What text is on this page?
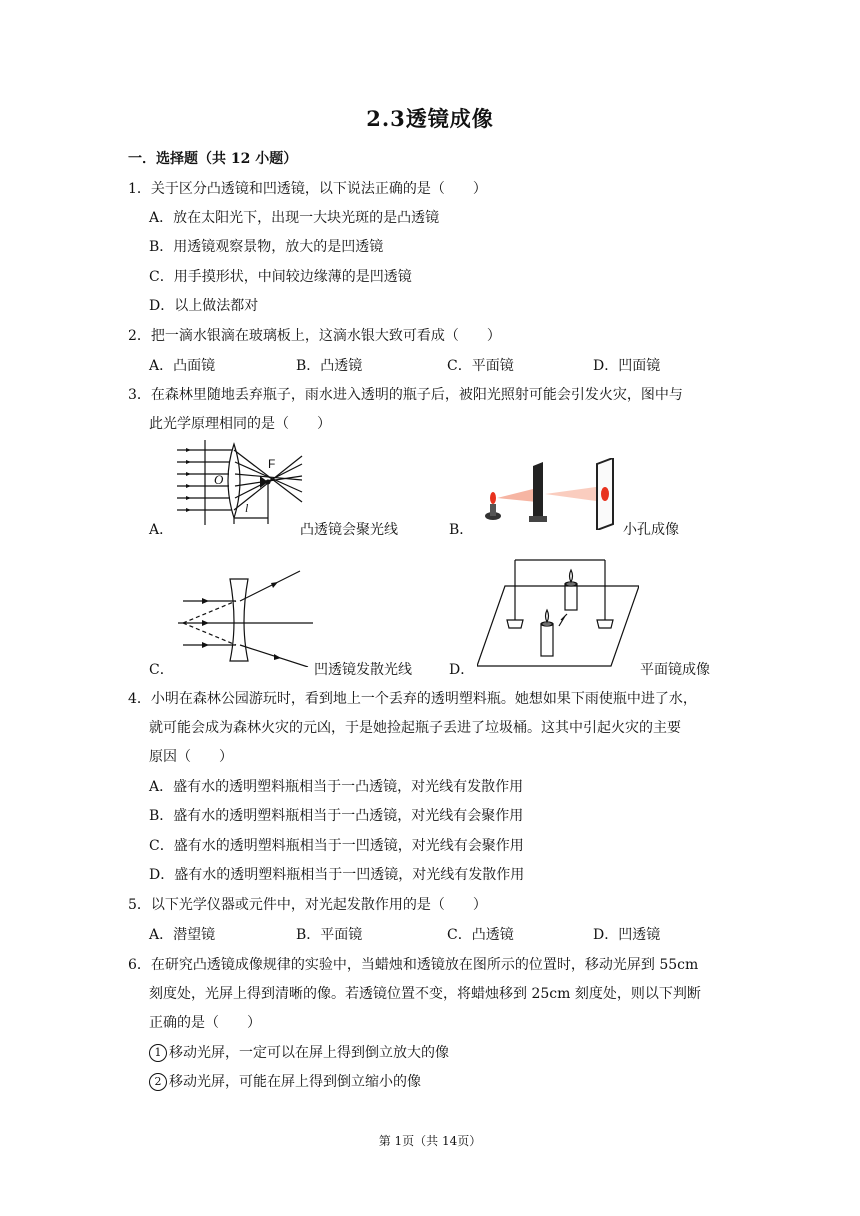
2.3透镜成像
一．选择题（共 12 小题）
1．关于区分凸透镜和凹透镜，以下说法正确的是（　　）
A．放在太阳光下，出现一大块光斑的是凸透镜
B．用透镜观察景物，放大的是凹透镜
C．用手摸形状，中间较边缘薄的是凹透镜
D．以上做法都对
2．把一滴水银滴在玻璃板上，这滴水银大致可看成（　　）
A．凸面镜	B．凸透镜	C．平面镜	D．凹面镜
3．在森林里随地丢弃瓶子，雨水进入透明的瓶子后，被阳光照射可能会引发火灾，图中与
此光学原理相同的是（　　）
O
F
l
A．	凸透镜会聚光线	B．	小孔成像
C．	凹透镜发散光线	D．	平面镜成像
4．小明在森林公园游玩时，看到地上一个丢弃的透明塑料瓶。她想如果下雨使瓶中进了水，
就可能会成为森林火灾的元凶，于是她捡起瓶子丢进了垃圾桶。这其中引起火灾的主要
原因（　　）
A．盛有水的透明塑料瓶相当于一凸透镜，对光线有发散作用
B．盛有水的透明塑料瓶相当于一凸透镜，对光线有会聚作用
C．盛有水的透明塑料瓶相当于一凹透镜，对光线有会聚作用
D．盛有水的透明塑料瓶相当于一凹透镜，对光线有发散作用
5．以下光学仪器或元件中，对光起发散作用的是（　　）
A．潜望镜	B．平面镜	C．凸透镜	D．凹透镜
6．在研究凸透镜成像规律的实验中，当蜡烛和透镜放在图所示的位置时，移动光屏到 55cm
刻度处，光屏上得到清晰的像。若透镜位置不变，将蜡烛移到 25cm 刻度处，则以下判断
正确的是（　　）
1 移动光屏，一定可以在屏上得到倒立放大的像
2 移动光屏，可能在屏上得到倒立缩小的像
第 1页（共 14页）
